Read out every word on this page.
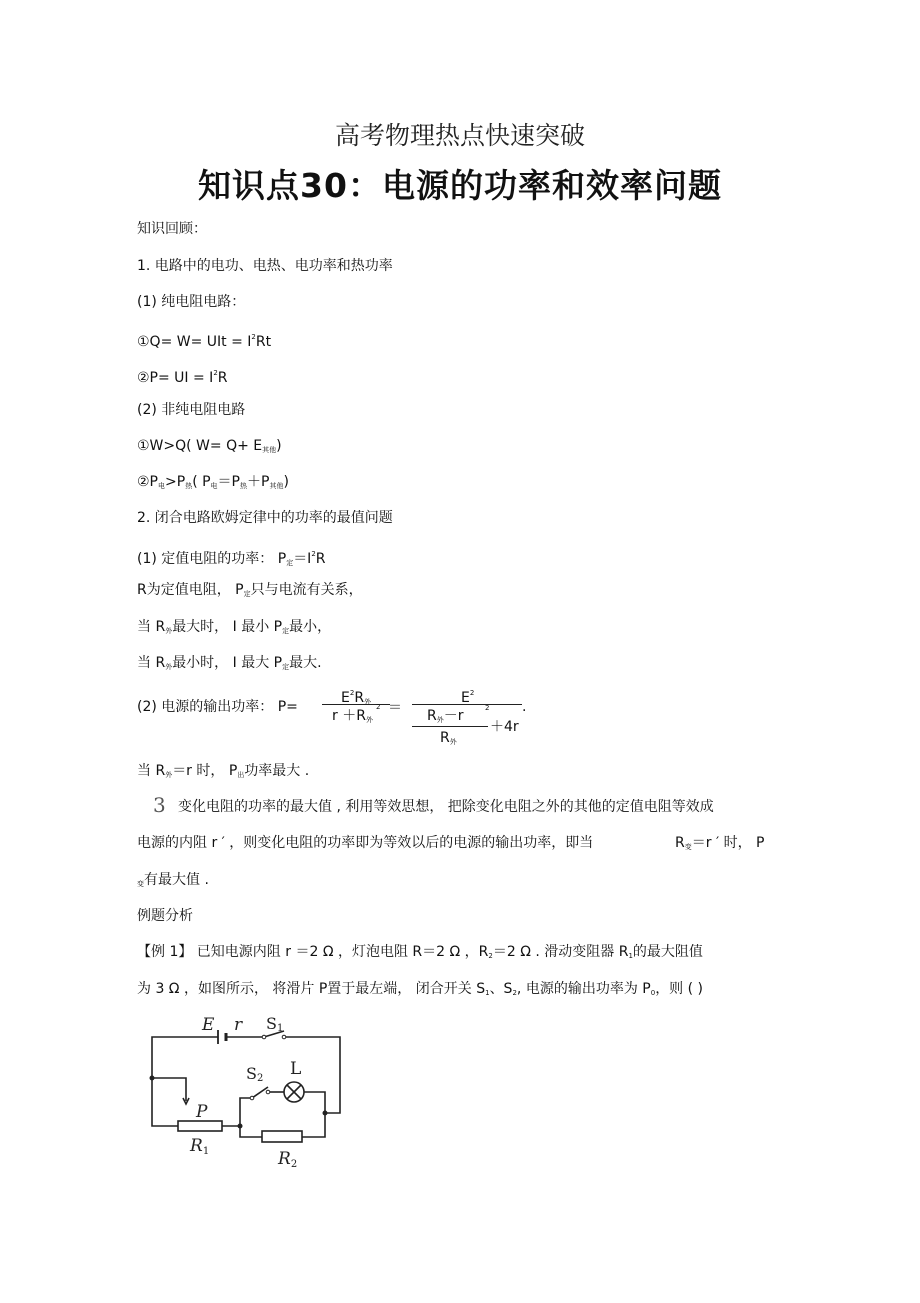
高考物理热点快速突破
知识点30：电源的功率和效率问题
知识回顾：
1. 电路中的电功、电热、电功率和热功率
(1) 纯电阻电路：
①Q= W= UIt = $I^2Rt$
②P= UI = $I^2R$
(2) 非纯电阻电路
①W>Q( $W= Q+ E_{其他}$)
$②P_电>P_热$( $P_电=P_热+P_{其他}$)
2. 闭合电路欧姆定律中的功率的最值问题
(1) 定值电阻的功率： $P_定=I^2R$
R为定值电阻， $P_定$只与电流有关系，
当 $R_外$最大时， I 最小 $P_定$最小，
当 $R_外$最小时， I 最大 $P_定$最大.
(2) 电源的输出功率： P=
$E^2R_外$
$r +R_外$
2 ＝
$E^2$
$R_外-r$	2
$R_外$
＋4r
.
当 $R_外=r$ 时， $P_出$功率最大 .
3 变化电阻的功率的最大值 , 利用等效思想， 把除变化电阻之外的其他的定值电阻等效成
电源的内阻 r ′ ，则变化电阻的功率即为等效以后的电源的输出功率，即当	$R_变=r$ ′ 时， P
$_变$有最大值 .
例题分析
【例 1】 已知电源内阻 r ＝2 Ω ，灯泡电阻 R＝2 Ω ，$R_2=2$ Ω . 滑动变阻器 $R_1$的最大阻值
为 3 Ω ，如图所示， 将滑片 P置于最左端， 闭合开关 $S_1$、$S_2$, 电源的输出功率为 $P_0$，则 ( )
E r S1
S2 L
P
R1	R2
